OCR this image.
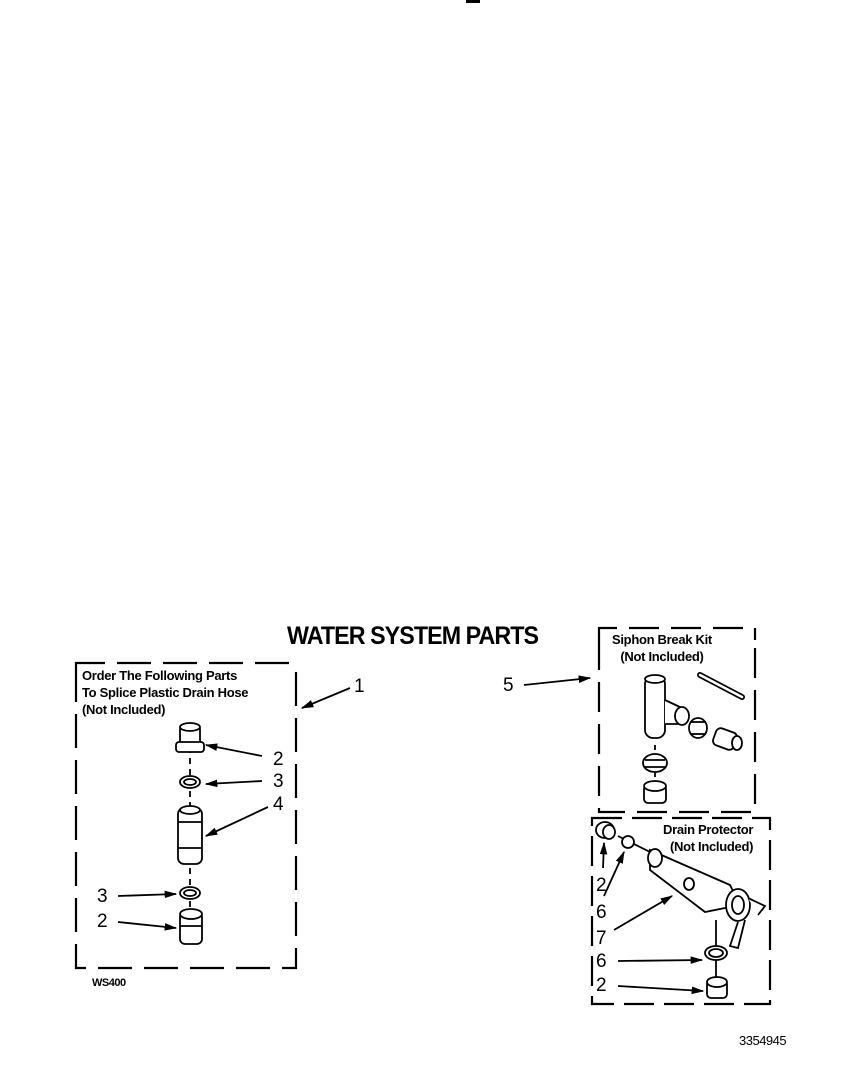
WATER SYSTEM PARTS
Order The Following Parts
To Splice Plastic Drain Hose
(Not Included)
Siphon Break Kit
(Not Included)
Drain Protector
(Not Included)
1	5
2
3
4
3
2
2
6
7
6
2
WS400
3354945
